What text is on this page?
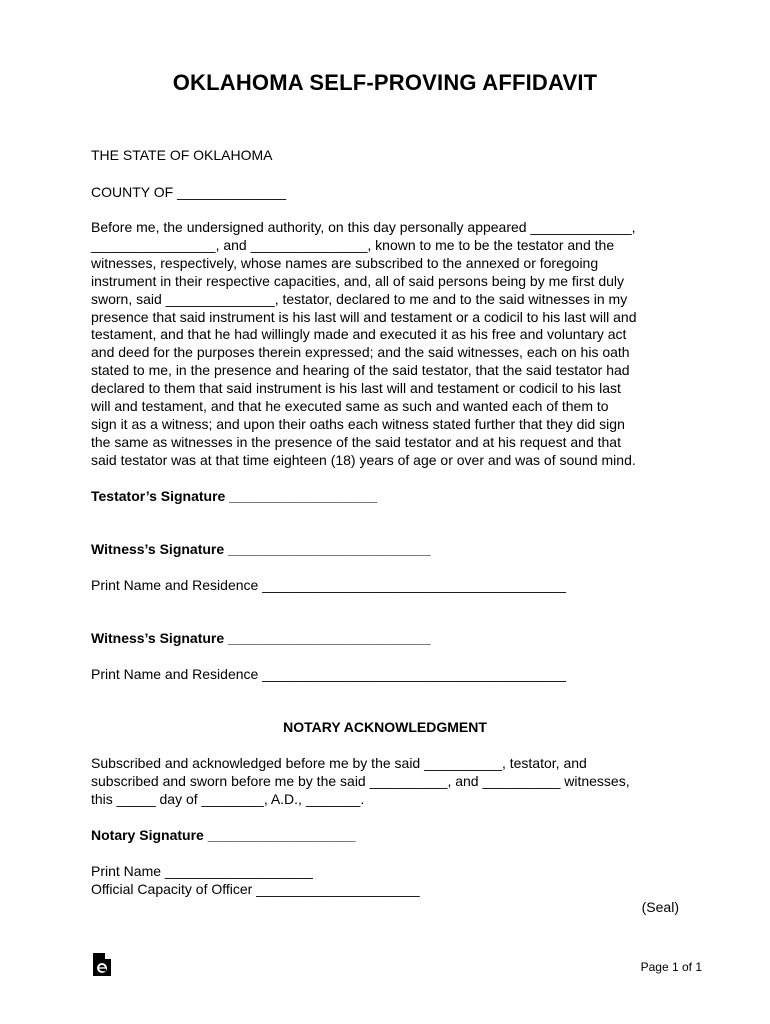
OKLAHOMA SELF-PROVING AFFIDAVIT
THE STATE OF OKLAHOMA
COUNTY OF ______________
Before me, the undersigned authority, on this day personally appeared _____________,
________________, and _______________, known to me to be the testator and the
witnesses, respectively, whose names are subscribed to the annexed or foregoing
instrument in their respective capacities, and, all of said persons being by me first duly
sworn, said ______________, testator, declared to me and to the said witnesses in my
presence that said instrument is his last will and testament or a codicil to his last will and
testament, and that he had willingly made and executed it as his free and voluntary act
and deed for the purposes therein expressed; and the said witnesses, each on his oath
stated to me, in the presence and hearing of the said testator, that the said testator had
declared to them that said instrument is his last will and testament or codicil to his last
will and testament, and that he executed same as such and wanted each of them to
sign it as a witness; and upon their oaths each witness stated further that they did sign
the same as witnesses in the presence of the said testator and at his request and that
said testator was at that time eighteen (18) years of age or over and was of sound mind.
Testator’s Signature ___________________
Witness’s Signature __________________________
Print Name and Residence _______________________________________
Witness’s Signature __________________________
Print Name and Residence _______________________________________
NOTARY ACKNOWLEDGMENT
Subscribed and acknowledged before me by the said __________, testator, and
subscribed and sworn before me by the said __________, and __________ witnesses,
this _____ day of ________, A.D., _______.
Notary Signature ___________________
Print Name ___________________
Official Capacity of Officer _____________________
(Seal)
Page 1 of 1
